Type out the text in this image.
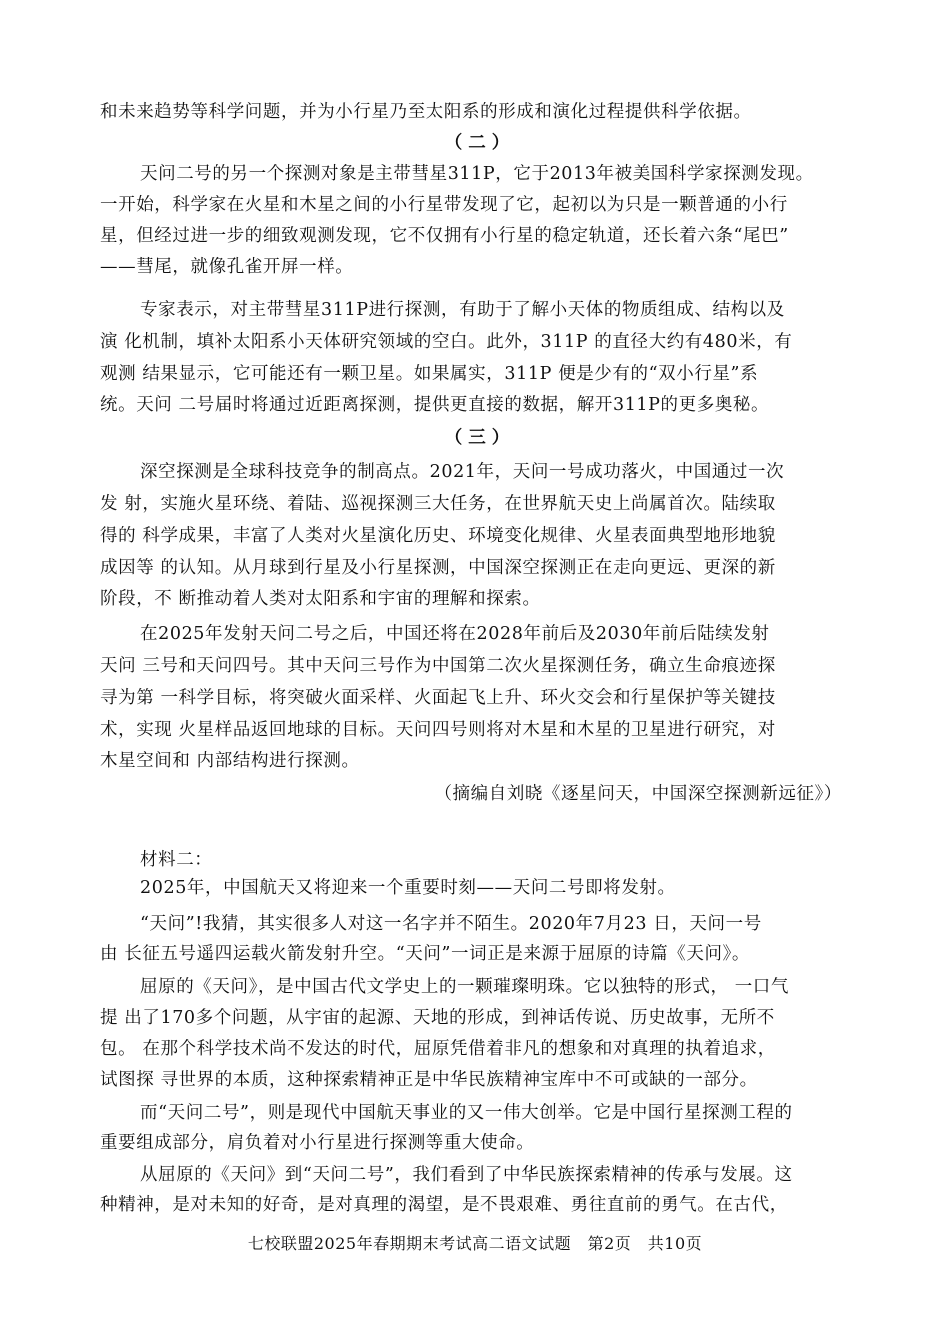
和未来趋势等科学问题，并为小行星乃至太阳系的形成和演化过程提供科学依据。
（二）
天问二号的另一个探测对象是主带彗星311P，它于2013年被美国科学家探测发现。
一开始，科学家在火星和木星之间的小行星带发现了它，起初以为只是一颗普通的小行
星，但经过进一步的细致观测发现，它不仅拥有小行星的稳定轨道，还长着六条“尾巴”
——彗尾，就像孔雀开屏一样。
专家表示，对主带彗星311P进行探测，有助于了解小天体的物质组成、结构以及
演 化机制，填补太阳系小天体研究领域的空白。此外，311P 的直径大约有480米，有
观测 结果显示，它可能还有一颗卫星。如果属实，311P 便是少有的“双小行星”系
统。天问 二号届时将通过近距离探测，提供更直接的数据，解开311P的更多奥秘。
（三）
深空探测是全球科技竞争的制高点。2021年，天问一号成功落火，中国通过一次
发 射，实施火星环绕、着陆、巡视探测三大任务，在世界航天史上尚属首次。陆续取
得的 科学成果，丰富了人类对火星演化历史、环境变化规律、火星表面典型地形地貌
成因等 的认知。从月球到行星及小行星探测，中国深空探测正在走向更远、更深的新
阶段，不 断推动着人类对太阳系和宇宙的理解和探索。
在2025年发射天问二号之后，中国还将在2028年前后及2030年前后陆续发射
天问 三号和天问四号。其中天问三号作为中国第二次火星探测任务，确立生命痕迹探
寻为第 一科学目标，将突破火面采样、火面起飞上升、环火交会和行星保护等关键技
术，实现 火星样品返回地球的目标。天问四号则将对木星和木星的卫星进行研究，对
木星空间和 内部结构进行探测。
（摘编自刘晓《逐星问天，中国深空探测新远征》）
材料二：
2025年，中国航天又将迎来一个重要时刻——天问二号即将发射。
“天问”!我猜，其实很多人对这一名字并不陌生。2020年7月23 日，天问一号
由 长征五号遥四运载火箭发射升空。“天问”一词正是来源于屈原的诗篇《天问》。
屈原的《天问》，是中国古代文学史上的一颗璀璨明珠。它以独特的形式， 一口气
提 出了170多个问题，从宇宙的起源、天地的形成，到神话传说、历史故事，无所不
包。 在那个科学技术尚不发达的时代，屈原凭借着非凡的想象和对真理的执着追求，
试图探 寻世界的本质，这种探索精神正是中华民族精神宝库中不可或缺的一部分。
而“天问二号”，则是现代中国航天事业的又一伟大创举。它是中国行星探测工程的
重要组成部分，肩负着对小行星进行探测等重大使命。
从屈原的《天问》到“天问二号”，我们看到了中华民族探索精神的传承与发展。这
种精神，是对未知的好奇，是对真理的渴望，是不畏艰难、勇往直前的勇气。在古代，
七校联盟2025年春期期末考试高二语文试题　第2页　共10页
